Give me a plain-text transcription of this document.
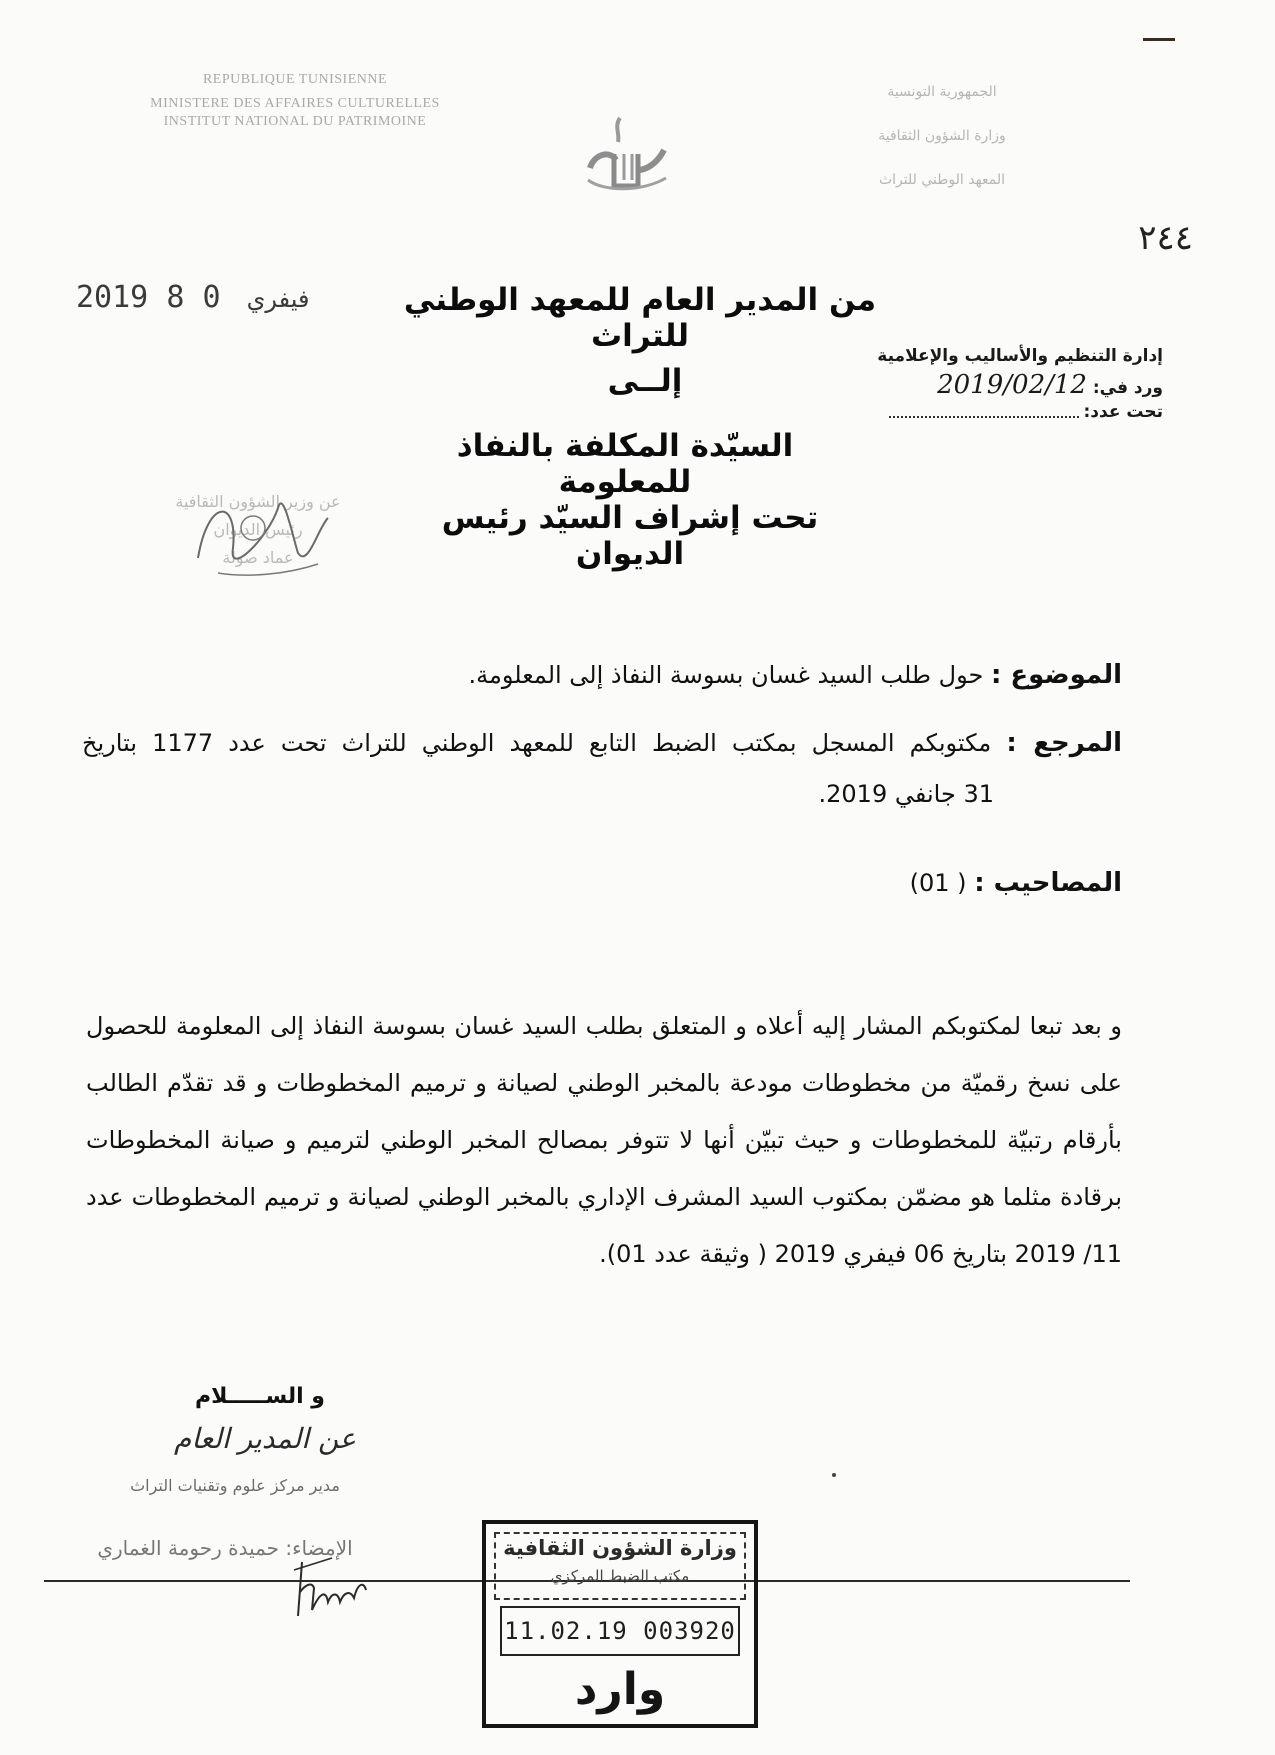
REPUBLIQUE TUNISIENNE
MINISTERE DES AFFAIRES CULTURELLES
INSTITUT NATIONAL DU PATRIMOINE
الجمهورية التونسية
وزارة الشؤون الثقافية
المعهد الوطني للتراث
٢٤٤
2019	فيفري 0 8	من المدير العام للمعهد الوطني للتراث
إدارة التنظيم والأساليب والإعلامية
ورد في: 2019/02/12
تحت عدد:
إلــى
السيّدة المكلفة بالنفاذ للمعلومة
تحت إشراف السيّد رئيس الديوان
عن وزير الشؤون الثقافية
رئيس الديوان
عماد صولة
الموضوع : حول طلب السيد غسان بسوسة النفاذ إلى المعلومة.
المرجع : مكتوبكم المسجل بمكتب الضبط التابع للمعهد الوطني للتراث تحت عدد 1177 بتاريخ
31 جانفي 2019.
المصاحيب : ( 01)
و بعد تبعا لمكتوبكم المشار إليه أعلاه و المتعلق بطلب السيد غسان بسوسة النفاذ إلى المعلومة للحصول على نسخ رقميّة من مخطوطات مودعة بالمخبر الوطني لصيانة و ترميم المخطوطات و قد تقدّم الطالب بأرقام رتبيّة للمخطوطات و حيث تبيّن أنها لا تتوفر بمصالح المخبر الوطني لترميم و صيانة المخطوطات برقادة مثلما هو مضمّن بمكتوب السيد المشرف الإداري بالمخبر الوطني لصيانة و ترميم المخطوطات عدد 11/ 2019 بتاريخ 06 فيفري 2019 ( وثيقة عدد 01).
و الســـــلام
عن المدير العام
مدير مركز علوم وتقنيات التراث
الإمضاء: حميدة رحومة الغماري	وزارة الشؤون الثقافية
مكتب الضبط المركزي
11.02.19 003920
وارد
